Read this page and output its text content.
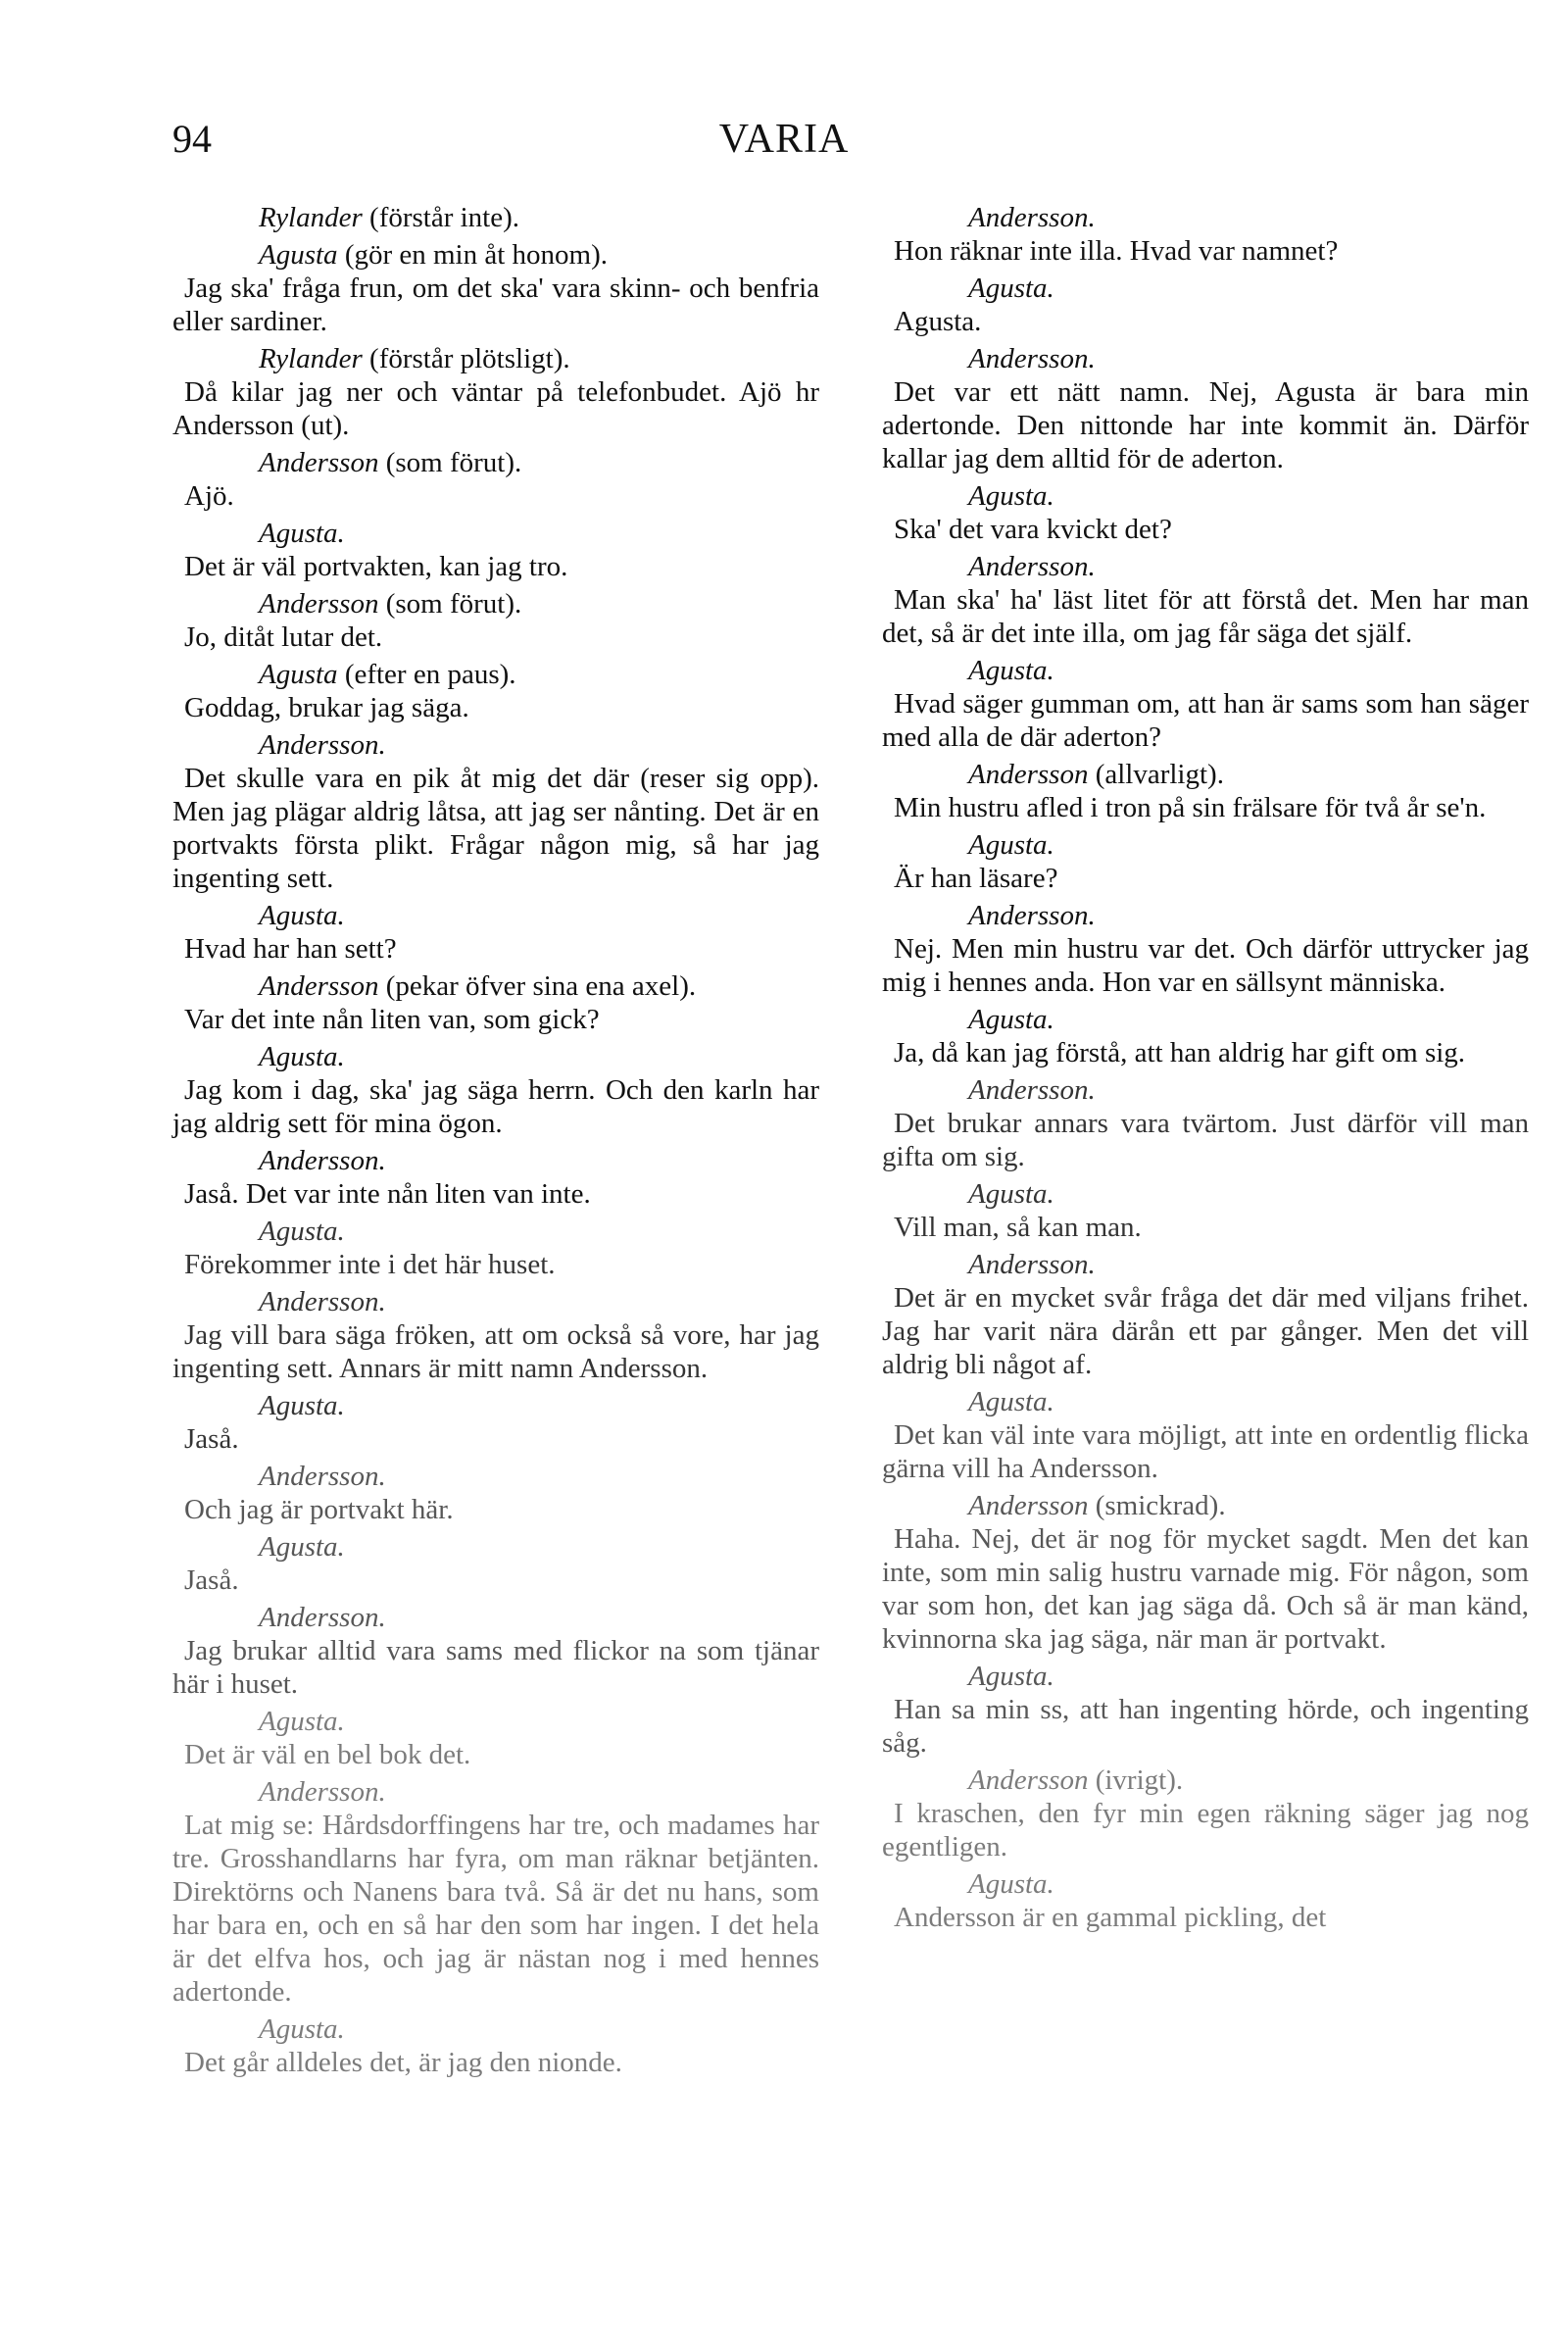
94	VARIA
Rylander (förstår inte).
Agusta (gör en min åt honom).
Jag ska' fråga frun, om det ska' vara skinn- och benfria eller sardiner.
Rylander (förstår plötsligt).
Då kilar jag ner och väntar på telefonbudet. Ajö hr Andersson (ut).
Andersson (som förut).
Ajö.
Agusta.
Det är väl portvakten, kan jag tro.
Andersson (som förut).
Jo, ditåt lutar det.
Agusta (efter en paus).
Goddag, brukar jag säga.
Andersson.
Det skulle vara en pik åt mig det där (reser sig opp). Men jag plägar aldrig låtsa, att jag ser nånting. Det är en portvakts första plikt. Frågar någon mig, så har jag ingenting sett.
Agusta.
Hvad har han sett?
Andersson (pekar öfver sina ena axel).
Var det inte nån liten van, som gick?
Agusta.
Jag kom i dag, ska' jag säga herrn. Och den karln har jag aldrig sett för mina ögon.
Andersson.
Jaså. Det var inte nån liten van inte.
Agusta.
Förekommer inte i det här huset.
Andersson.
Jag vill bara säga fröken, att om också så vore, har jag ingenting sett. Annars är mitt namn Andersson.
Agusta.
Jaså.
Andersson.
Och jag är portvakt här.
Agusta.
Jaså.
Andersson.
Jag brukar alltid vara sams med flickor na som tjänar här i huset.
Agusta.
Det är väl en bel bok det.
Andersson.
Lat mig se: Hårdsdorffingens har tre, och madames har tre. Grosshandlarns har fyra, om man räknar betjänten. Direktörns och Nanens bara två. Så är det nu hans, som har bara en, och en så har den som har ingen. I det hela är det elfva hos, och jag är nästan nog i med hennes adertonde.
Agusta.
Det går alldeles det, är jag den nionde.
Andersson.
Hon räknar inte illa. Hvad var namnet?
Agusta.
Agusta.
Andersson.
Det var ett nätt namn. Nej, Agusta är bara min adertonde. Den nittonde har inte kommit än. Därför kallar jag dem alltid för de aderton.
Agusta.
Ska' det vara kvickt det?
Andersson.
Man ska' ha' läst litet för att förstå det. Men har man det, så är det inte illa, om jag får säga det själf.
Agusta.
Hvad säger gumman om, att han är sams som han säger med alla de där aderton?
Andersson (allvarligt).
Min hustru afled i tron på sin frälsare för två år se'n.
Agusta.
Är han läsare?
Andersson.
Nej. Men min hustru var det. Och därför uttrycker jag mig i hennes anda. Hon var en sällsynt människa.
Agusta.
Ja, då kan jag förstå, att han aldrig har gift om sig.
Andersson.
Det brukar annars vara tvärtom. Just därför vill man gifta om sig.
Agusta.
Vill man, så kan man.
Andersson.
Det är en mycket svår fråga det där med viljans frihet. Jag har varit nära därån ett par gånger. Men det vill aldrig bli något af.
Agusta.
Det kan väl inte vara möjligt, att inte en ordentlig flicka gärna vill ha Andersson.
Andersson (smickrad).
Haha. Nej, det är nog för mycket sagdt. Men det kan inte, som min salig hustru varnade mig. För någon, som var som hon, det kan jag säga då. Och så är man känd, kvinnorna ska jag säga, när man är portvakt.
Agusta.
Han sa min ss, att han ingenting hörde, och ingenting såg.
Andersson (ivrigt).
I kraschen, den fyr min egen räkning säger jag nog egentligen.
Agusta.
Andersson är en gammal pickling, det
